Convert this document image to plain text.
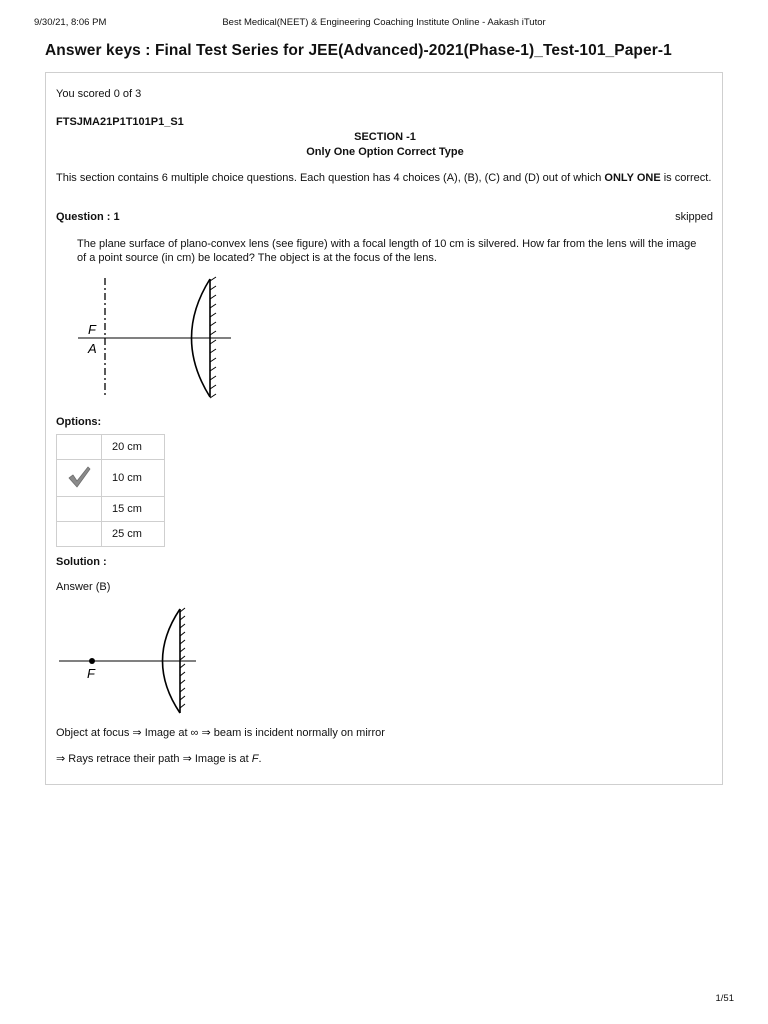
9/30/21, 8:06 PM	Best Medical(NEET) & Engineering Coaching Institute Online - Aakash iTutor
Answer keys : Final Test Series for JEE(Advanced)-2021(Phase-1)_Test-101_Paper-1
You scored 0 of 3
FTSJMA21P1T101P1_S1
SECTION -1
Only One Option Correct Type
This section contains 6 multiple choice questions. Each question has 4 choices (A), (B), (C) and (D) out of which ONLY ONE is correct.
Question : 1	skipped
The plane surface of plano-convex lens (see figure) with a focal length of 10 cm is silvered. How far from the lens will the image of a point source (in cm) be located? The object is at the focus of the lens.
F
A
Options:
	20 cm
	10 cm
	15 cm
	25 cm
Solution :
Answer (B)
F
Object at focus ⇒ Image at ∞ ⇒ beam is incident normally on mirror
⇒ Rays retrace their path ⇒ Image is at F.
1/51
